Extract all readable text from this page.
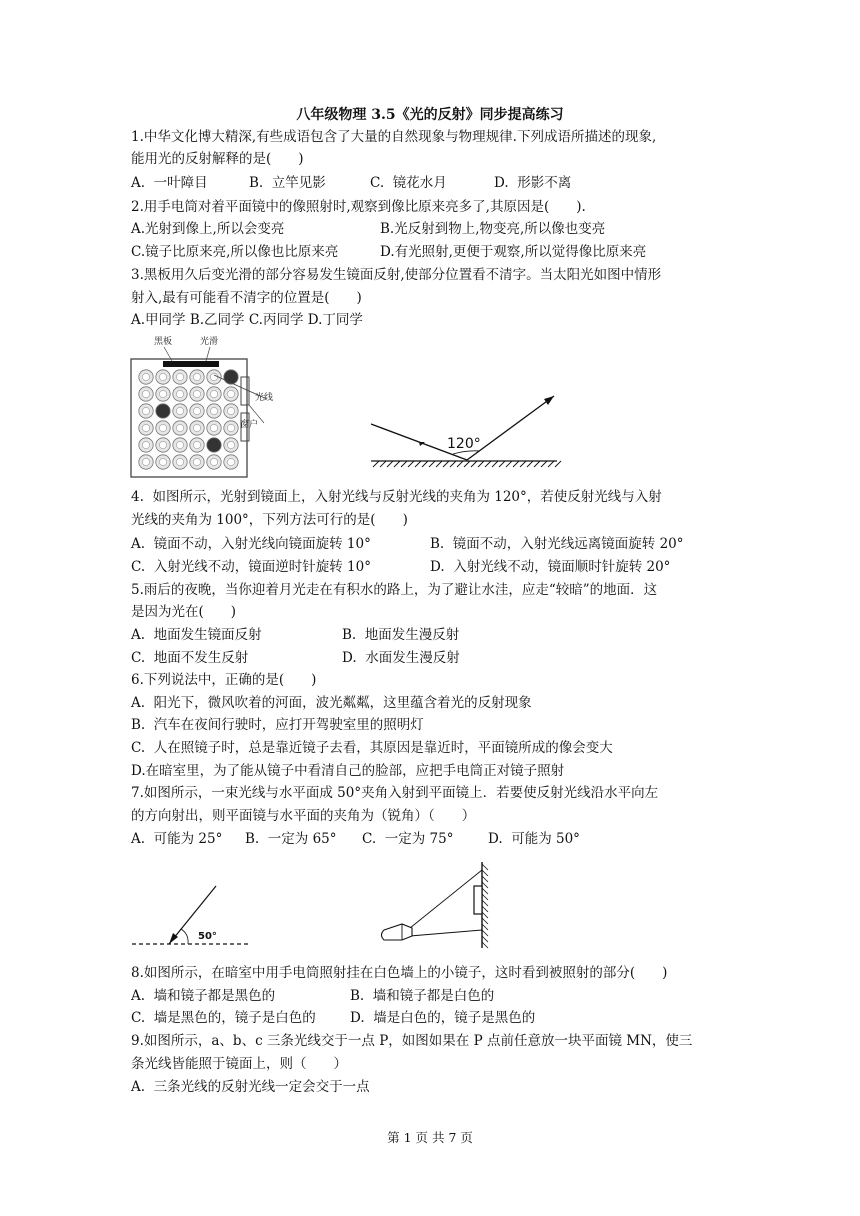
八年级物理 3.5《光的反射》同步提高练习
1.中华文化博大精深,有些成语包含了大量的自然现象与物理规律.下列成语所描述的现象,
能用光的反射解释的是(　　)
A.  一叶障目	B.  立竿见影	C.  镜花水月	D.  形影不离
2.用手电筒对着平面镜中的像照射时,观察到像比原来亮多了,其原因是(　　).
A.光射到像上,所以会变亮	B.光反射到物上,物变亮,所以像也变亮
C.镜子比原来亮,所以像也比原来亮	D.有光照射,更便于观察,所以觉得像比原来亮
3.黑板用久后变光滑的部分容易发生镜面反射,使部分位置看不清字。当太阳光如图中情形
射入,最有可能看不清字的位置是(　　)
A.甲同学 B.乙同学 C.丙同学 D.丁同学
黑板	光滑
光线
窗户
120°
4.  如图所示，光射到镜面上，入射光线与反射光线的夹角为 120°，若使反射光线与入射
光线的夹角为 100°，下列方法可行的是(　　)
A.  镜面不动，入射光线向镜面旋转 10°	B.  镜面不动，入射光线远离镜面旋转 20°
C.  入射光线不动，镜面逆时针旋转 10°	D.  入射光线不动，镜面顺时针旋转 20°
5.雨后的夜晚，当你迎着月光走在有积水的路上，为了避让水洼，应走“较暗”的地面．这
是因为光在(　　)
A.  地面发生镜面反射	B.  地面发生漫反射
C.  地面不发生反射	D.  水面发生漫反射
6.下列说法中，正确的是(　　)
A.  阳光下，微风吹着的河面，波光粼粼，这里蕴含着光的反射现象
B.  汽车在夜间行驶时，应打开驾驶室里的照明灯
C.  人在照镜子时，总是靠近镜子去看，其原因是靠近时，平面镜所成的像会变大
D.在暗室里，为了能从镜子中看清自己的脸部，应把手电筒正对镜子照射
7.如图所示，一束光线与水平面成 50°夹角入射到平面镜上．若要使反射光线沿水平向左
的方向射出，则平面镜与水平面的夹角为（锐角）（　　）
A.  可能为 25° B.  一定为 65° C.  一定为 75°	D.  可能为 50°
50°
8.如图所示，在暗室中用手电筒照射挂在白色墙上的小镜子，这时看到被照射的部分(　　)
A.  墙和镜子都是黑色的	B.  墙和镜子都是白色的
C.  墙是黑色的，镜子是白色的	D.  墙是白色的，镜子是黑色的
9.如图所示，a、b、c 三条光线交于一点 P，如图如果在 P 点前任意放一块平面镜 MN，使三
条光线皆能照于镜面上，则（　　）
A.  三条光线的反射光线一定会交于一点
第 1 页 共 7 页
